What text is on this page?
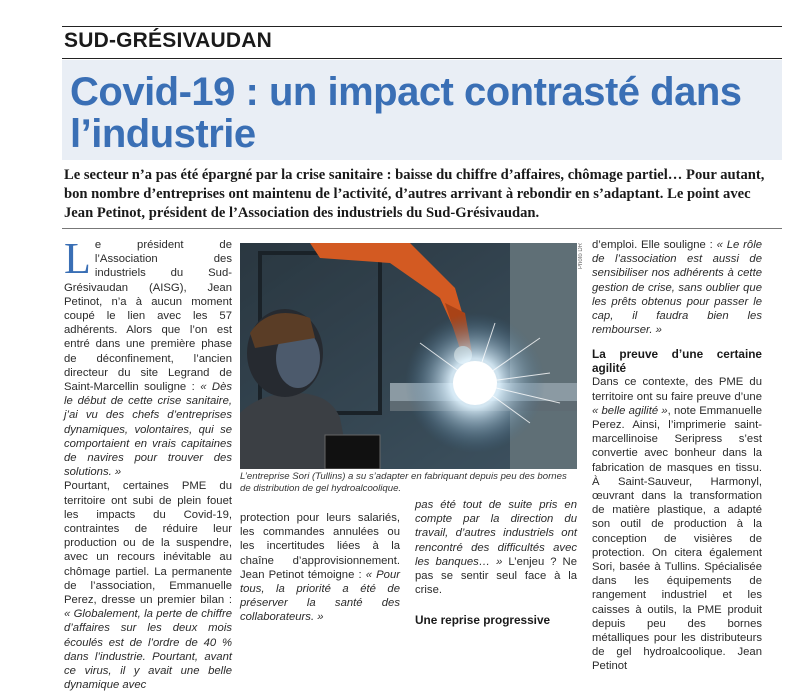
SUD-GRÉSIVAUDAN
Covid-19 : un impact contrasté dans l’industrie

Le secteur n’a pas été épargné par la crise sanitaire : baisse du chiffre d’affaires, chômage partiel… Pour autant, bon nombre d’entreprises ont maintenu de l’activité, d’autres arrivant à rebondir en s’adaptant. Le point avec Jean Petinot, président de l’Association des industriels du Sud-Grésivaudan.

L e président de l’Association des industriels du Sud-Grésivaudan (AISG), Jean Petinot, n’a à aucun moment coupé le lien avec les 57 adhérents. Alors que l’on est entré dans une première phase de déconfinement, l’ancien directeur du site Legrand de Saint-Marcellin souligne : « Dès le début de cette crise sanitaire, j’ai vu des chefs d’entreprises dynamiques, volontaires, qui se comportaient en vrais capitaines de navires pour trouver des solutions. »

Pourtant, certaines PME du territoire ont subi de plein fouet les impacts du Covid-19, contraintes de réduire leur production ou de la suspendre, avec un recours inévitable au chômage partiel. La permanente de l’association, Emmanuelle Perez, dresse un premier bilan : « Globalement, la perte de chiffre d’affaires sur les deux mois écoulés est de l’ordre de 40 % dans l’industrie. Pourtant, avant ce virus, il y avait une belle dynamique avec

Photo DR

L’entreprise Sori (Tullins) a su s’adapter en fabriquant depuis peu des bornes de distribution de gel hydroalcoolique.

protection pour leurs salariés, les commandes annulées ou les incertitudes liées à la chaîne d’approvisionnement. Jean Petinot témoigne : « Pour tous, la priorité a été de préserver la santé des collaborateurs. »

pas été tout de suite pris en compte par la direction du travail, d’autres industriels ont rencontré des difficultés avec les banques… » L’enjeu ? Ne pas se sentir seul face à la crise.

Une reprise progressive

d’emploi. Elle souligne : « Le rôle de l’association est aussi de sensibiliser nos adhérents à cette gestion de crise, sans oublier que les prêts obtenus pour passer le cap, il faudra bien les rembourser. »

La preuve d’une certaine agilité

Dans ce contexte, des PME du territoire ont su faire preuve d’une « belle agilité », note Emmanuelle Perez. Ainsi, l’imprimerie saint-marcellinoise Seripress s’est convertie avec bonheur dans la fabrication de masques en tissu. À Saint-Sauveur, Harmonyl, œuvrant dans la transformation de matière plastique, a adapté son outil de production à la conception de visières de protection. On citera également Sori, basée à Tullins. Spécialisée dans les équipements de rangement industriel et les caisses à outils, la PME produit depuis peu des bornes métalliques pour les distributeurs de gel hydroalcoolique. Jean Petinot
